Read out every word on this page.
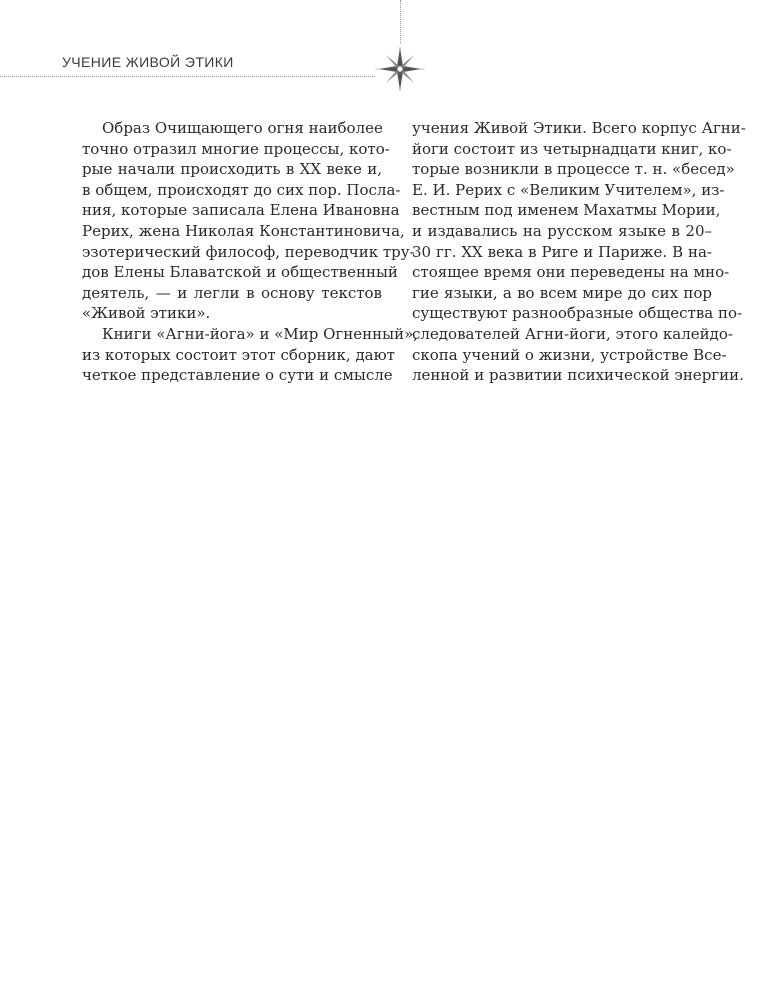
УЧЕНИЕ ЖИВОЙ ЭТИКИ
Образ Очищающего огня наиболее
точно отразил многие процессы, кото-
рые начали происходить в XX веке и,
в общем, происходят до сих пор. Посла-
ния, которые записала Елена Ивановна
Рерих, жена Николая Константиновича,
эзотерический философ, переводчик тру-
дов Елены Блаватской и общественный
деятель, — и легли в основу текстов
«Живой этики».
Книги «Агни-йога» и «Мир Огненный»,
из которых состоит этот сборник, дают
четкое представление о сути и смысле
учения Живой Этики. Всего корпус Агни-
йоги состоит из четырнадцати книг, ко-
торые возникли в процессе т. н. «бесед»
Е. И. Рерих с «Великим Учителем», из-
вестным под именем Махатмы Мории,
и издавались на русском языке в 20–
30 гг. XX века в Риге и Париже. В на-
стоящее время они переведены на мно-
гие языки, а во всем мире до сих пор
существуют разнообразные общества по-
следователей Агни-йоги, этого калейдо-
скопа учений о жизни, устройстве Все-
ленной и развитии психической энергии.
